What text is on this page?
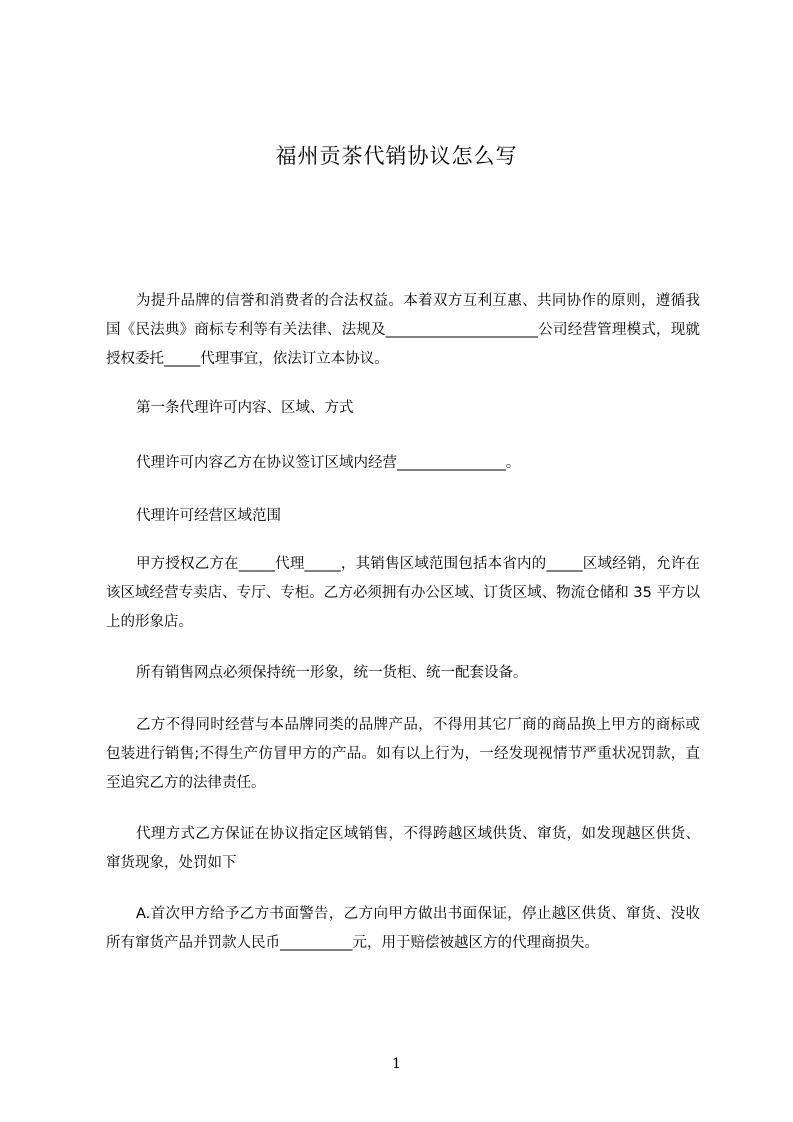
福州贡茶代销协议怎么写

为提升品牌的信誉和消费者的合法权益。本着双方互利互惠、共同协作的原则，遵循我国《民法典》商标专利等有关法律、法规及_____________________公司经营管理模式，现就授权委托_____代理事宜，依法订立本协议。

第一条代理许可内容、区域、方式

代理许可内容乙方在协议签订区域内经营_______________。

代理许可经营区域范围

甲方授权乙方在_____代理_____，其销售区域范围包括本省内的_____区域经销，允许在该区域经营专卖店、专厅、专柜。乙方必须拥有办公区域、订货区域、物流仓储和 35 平方以上的形象店。

所有销售网点必须保持统一形象，统一货柜、统一配套设备。

乙方不得同时经营与本品牌同类的品牌产品，不得用其它厂商的商品换上甲方的商标或包装进行销售;不得生产仿冒甲方的产品。如有以上行为，一经发现视情节严重状况罚款，直至追究乙方的法律责任。

代理方式乙方保证在协议指定区域销售，不得跨越区域供货、窜货，如发现越区供货、窜货现象，处罚如下

A.首次甲方给予乙方书面警告，乙方向甲方做出书面保证，停止越区供货、窜货、没收所有窜货产品并罚款人民币__________元，用于赔偿被越区方的代理商损失。

1
